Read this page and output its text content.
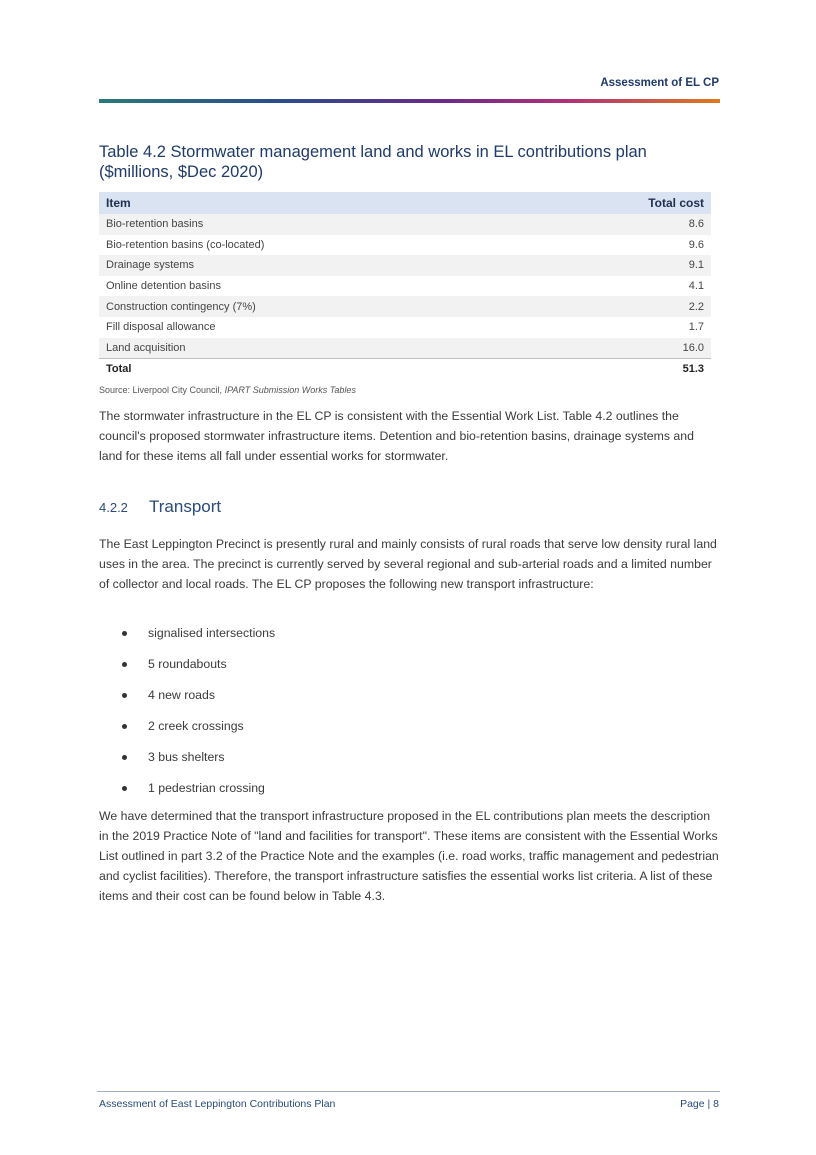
Assessment of EL CP
Table 4.2 Stormwater management land and works in EL contributions plan ($millions, $Dec 2020)
Item	Total cost
Bio-retention basins	8.6
Bio-retention basins (co-located)	9.6
Drainage systems	9.1
Online detention basins	4.1
Construction contingency (7%)	2.2
Fill disposal allowance	1.7
Land acquisition	16.0
Total	51.3
Source: Liverpool City Council, IPART Submission Works Tables
The stormwater infrastructure in the EL CP is consistent with the Essential Work List. Table 4.2 outlines the council's proposed stormwater infrastructure items. Detention and bio-retention basins, drainage systems and land for these items all fall under essential works for stormwater.
4.2.2 Transport
The East Leppington Precinct is presently rural and mainly consists of rural roads that serve low density rural land uses in the area. The precinct is currently served by several regional and sub-arterial roads and a limited number of collector and local roads. The EL CP proposes the following new transport infrastructure:
signalised intersections
5 roundabouts
4 new roads
2 creek crossings
3 bus shelters
1 pedestrian crossing
We have determined that the transport infrastructure proposed in the EL contributions plan meets the description in the 2019 Practice Note of "land and facilities for transport". These items are consistent with the Essential Works List outlined in part 3.2 of the Practice Note and the examples (i.e. road works, traffic management and pedestrian and cyclist facilities). Therefore, the transport infrastructure satisfies the essential works list criteria. A list of these items and their cost can be found below in Table 4.3.
Assessment of East Leppington Contributions Plan	Page | 8
